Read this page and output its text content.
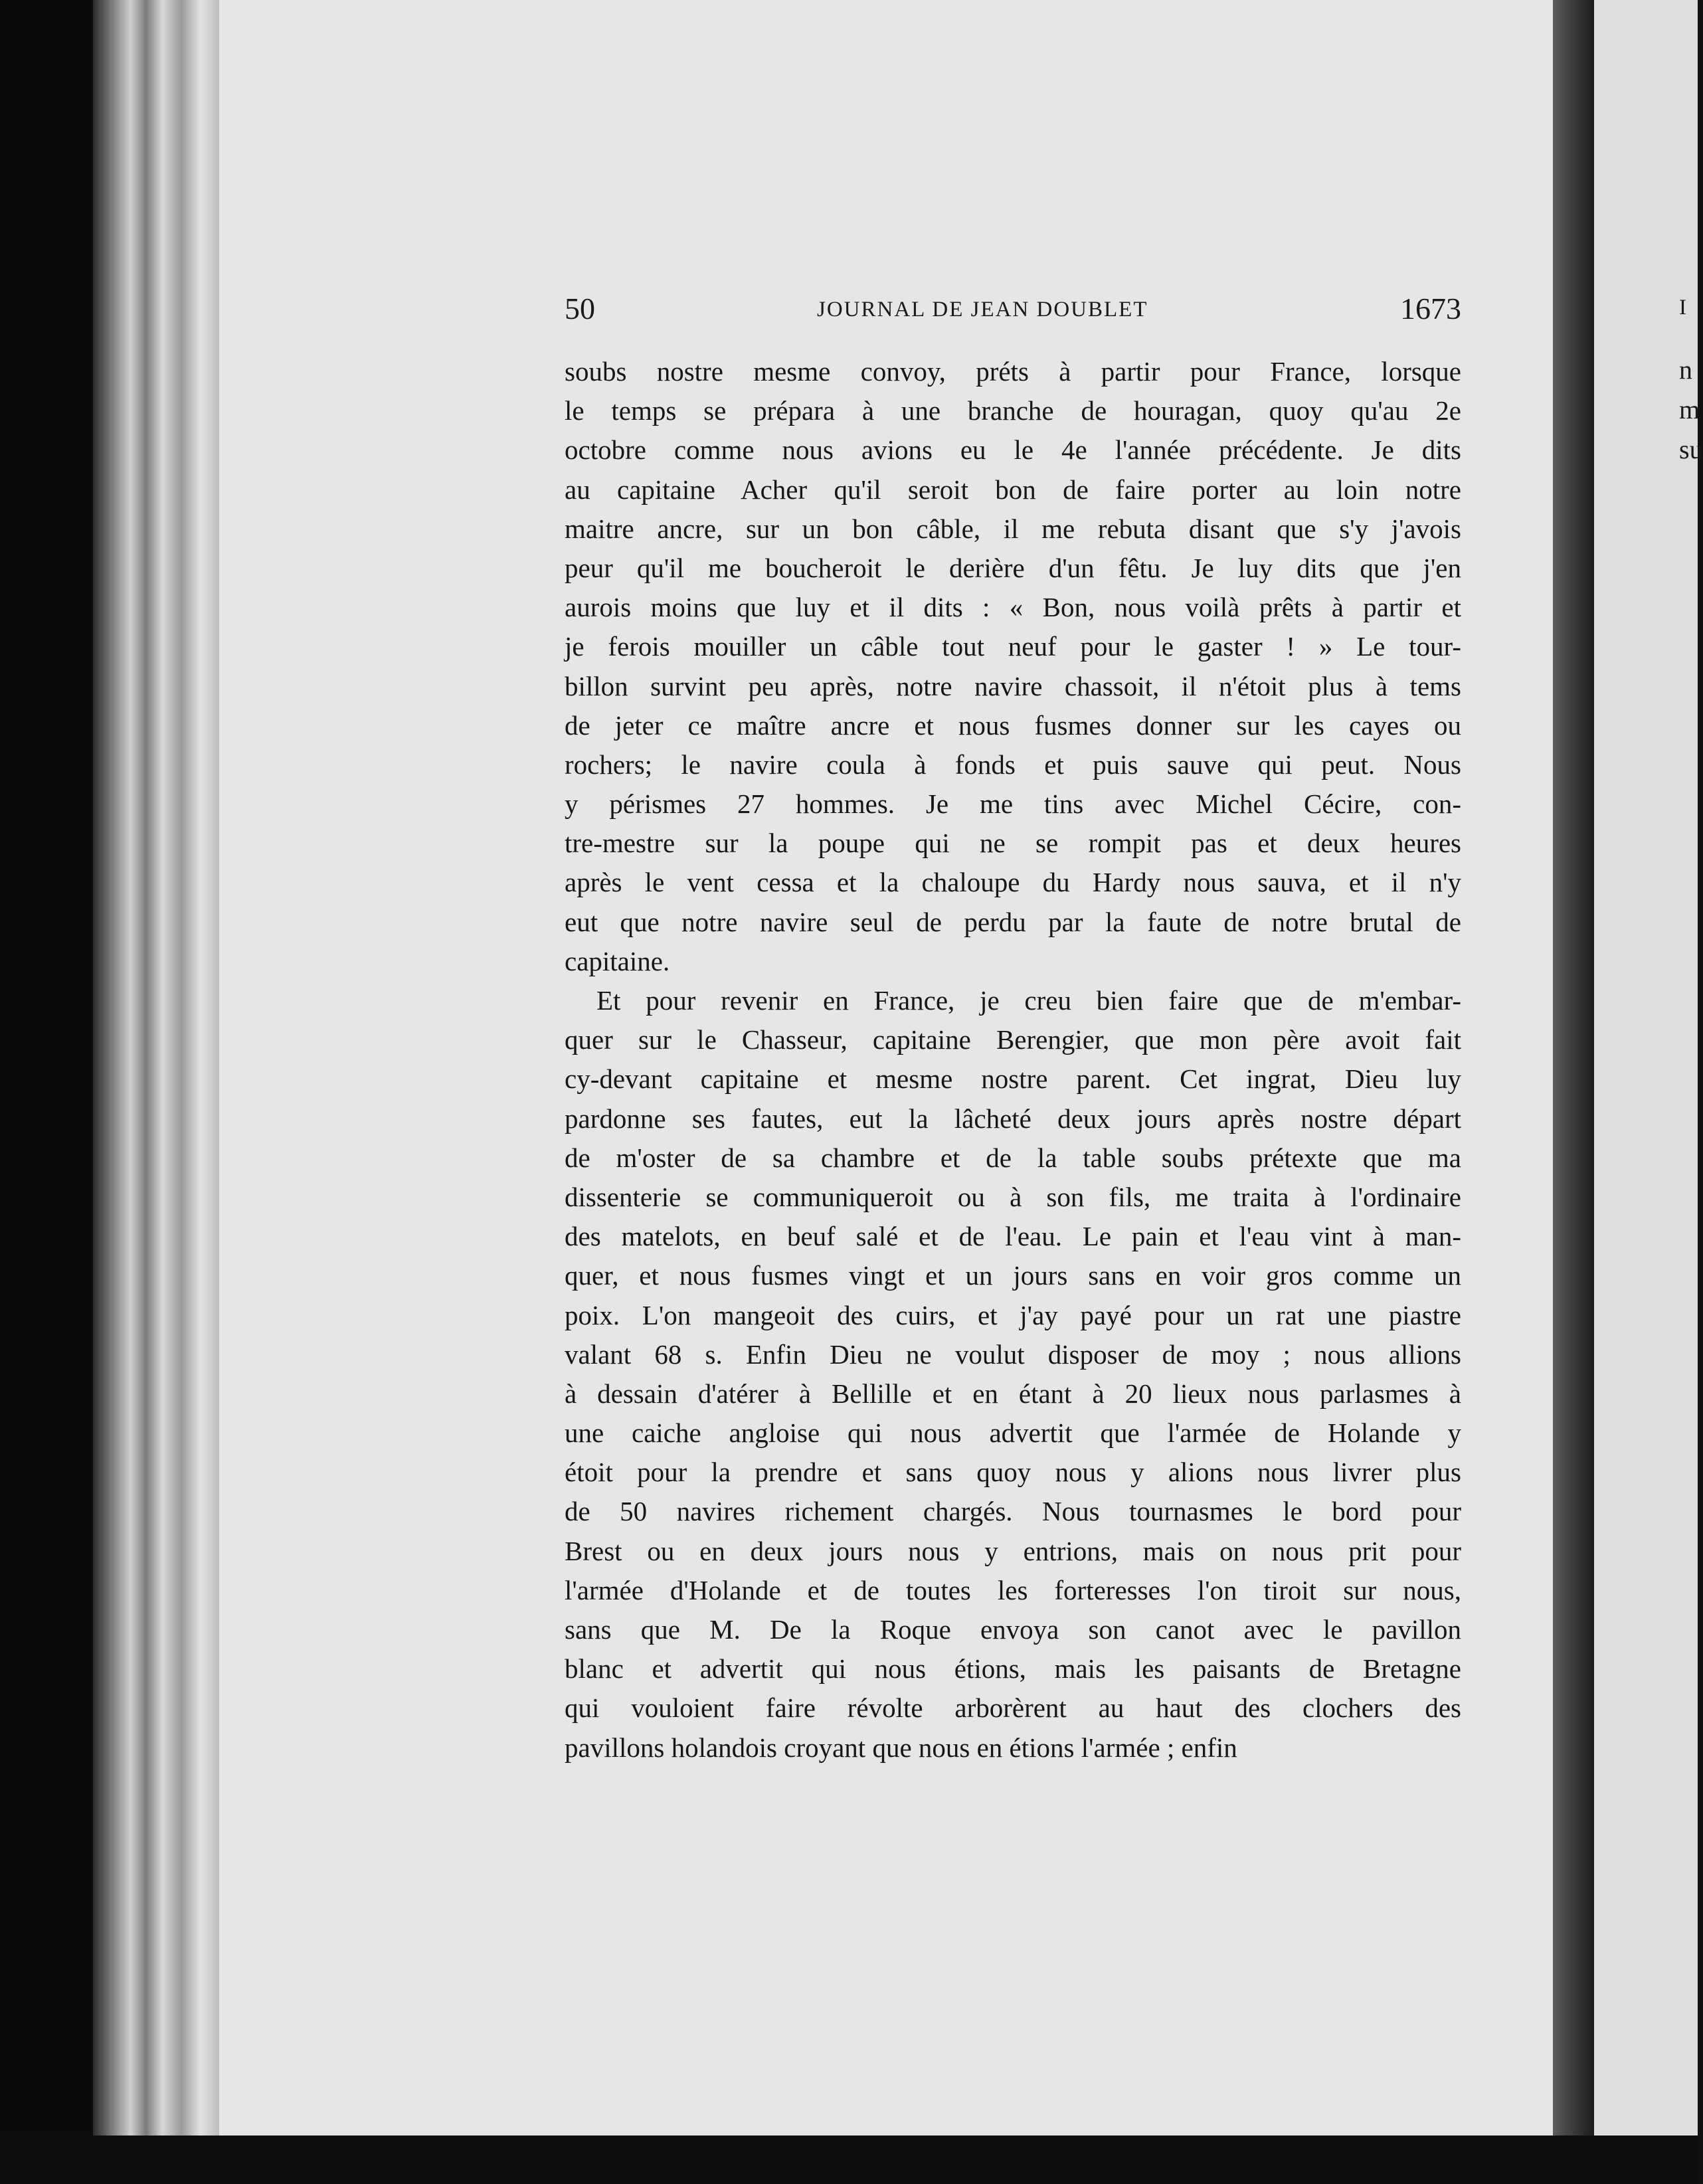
50	JOURNAL DE JEAN DOUBLET	1673
soubs nostre mesme convoy, préts à partir pour France, lorsque
le temps se prépara à une branche de houragan, quoy qu'au 2e
octobre comme nous avions eu le 4e l'année précédente. Je dits
au capitaine Acher qu'il seroit bon de faire porter au loin notre
maitre ancre, sur un bon câble, il me rebuta disant que s'y j'avois
peur qu'il me boucheroit le derière d'un fêtu. Je luy dits que j'en
aurois moins que luy et il dits : « Bon, nous voilà prêts à partir et
je ferois mouiller un câble tout neuf pour le gaster ! » Le tour-
billon survint peu après, notre navire chassoit, il n'étoit plus à tems
de jeter ce maître ancre et nous fusmes donner sur les cayes ou
rochers; le navire coula à fonds et puis sauve qui peut. Nous
y pérismes 27 hommes. Je me tins avec Michel Cécire, con-
tre-mestre sur la poupe qui ne se rompit pas et deux heures
après le vent cessa et la chaloupe du Hardy nous sauva, et il n'y
eut que notre navire seul de perdu par la faute de notre brutal de
capitaine.
Et pour revenir en France, je creu bien faire que de m'embar-
quer sur le Chasseur, capitaine Berengier, que mon père avoit fait
cy-devant capitaine et mesme nostre parent. Cet ingrat, Dieu luy
pardonne ses fautes, eut la lâcheté deux jours après nostre départ
de m'oster de sa chambre et de la table soubs prétexte que ma
dissenterie se communiqueroit ou à son fils, me traita à l'ordinaire
des matelots, en beuf salé et de l'eau. Le pain et l'eau vint à man-
quer, et nous fusmes vingt et un jours sans en voir gros comme un
poix. L'on mangeoit des cuirs, et j'ay payé pour un rat une piastre
valant 68 s. Enfin Dieu ne voulut disposer de moy ; nous allions
à dessain d'atérer à Bellille et en étant à 20 lieux nous parlasmes à
une caiche angloise qui nous advertit que l'armée de Holande y
étoit pour la prendre et sans quoy nous y alions nous livrer plus
de 50 navires richement chargés. Nous tournasmes le bord pour
Brest ou en deux jours nous y entrions, mais on nous prit pour
l'armée d'Holande et de toutes les forteresses l'on tiroit sur nous,
sans que M. De la Roque envoya son canot avec le pavillon
blanc et advertit qui nous étions, mais les paisants de Bretagne
qui vouloient faire révolte arborèrent au haut des clochers des
pavillons holandois croyant que nous en étions l'armée ; enfin
I
n
m
su
